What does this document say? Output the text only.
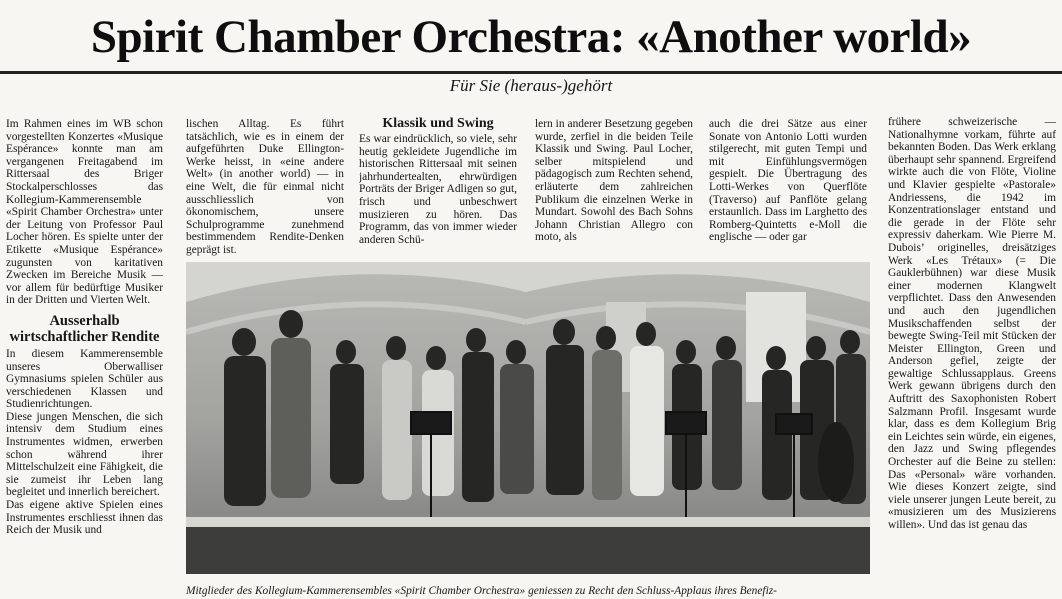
Spirit Chamber Orchestra: «Another world»
Für Sie (heraus-)gehört

Im Rahmen eines im WB schon vorgestellten Konzertes «Musique Espérance» konnte man am vergangenen Freitagabend im Rittersaal des Briger Stockalperschlosses das Kollegium-Kammerensemble «Spirit Chamber Orchestra» unter der Leitung von Professor Paul Locher hören. Es spielte unter der Etikette «Musique Espérance» zugunsten von karitativen Zwecken im Bereiche Musik — vor allem für bedürftige Musiker in der Dritten und Vierten Welt.

Ausserhalb wirtschaftlicher Rendite

In diesem Kammerensemble unseres Oberwalliser Gymnasiums spielen Schüler aus verschiedenen Klassen und Studienrichtungen.

Diese jungen Menschen, die sich intensiv dem Studium eines Instrumentes widmen, erwerben schon während ihrer Mittelschulzeit eine Fähigkeit, die sie zumeist ihr Leben lang begleitet und innerlich bereichert.

Das eigene aktive Spielen eines Instrumentes erschliesst ihnen das Reich der Musik und

lischen Alltag. Es führt tatsächlich, wie es in einem der aufgeführten Duke Ellington-Werke heisst, in «eine andere Welt» (in another world) — in eine Welt, die für einmal nicht ausschliesslich von ökonomischem, unsere Schulprogramme zunehmend bestimmendem Rendite-Denken geprägt ist.

Klassik und Swing

Es war eindrücklich, so viele, sehr heutig gekleidete Jugendliche im historischen Rittersaal mit seinen jahrhundertealten, ehrwürdigen Porträts der Briger Adligen so gut, frisch und unbeschwert musizieren zu hören. Das Programm, das von immer wieder anderen Schü-

lern in anderer Besetzung gegeben wurde, zerfiel in die beiden Teile Klassik und Swing. Paul Locher, selber mitspielend und pädagogisch zum Rechten sehend, erläuterte dem zahlreichen Publikum die einzelnen Werke in Mundart. Sowohl des Bach Sohns Johann Christian Allegro con moto, als

auch die drei Sätze aus einer Sonate von Antonio Lotti wurden stilgerecht, mit guten Tempi und mit Einfühlungsvermögen gespielt. Die Übertragung des Lotti-Werkes von Querflöte (Traverso) auf Panflöte gelang erstaunlich. Dass im Larghetto des Romberg-Quintetts e-Moll die englische — oder gar

frühere schweizerische — Nationalhymne vorkam, führte auf bekannten Boden. Das Werk erklang überhaupt sehr spannend. Ergreifend wirkte auch die von Flöte, Violine und Klavier gespielte «Pastorale» Andriessens, die 1942 im Konzentrationslager entstand und die gerade in der Flöte sehr expressiv daherkam. Wie Pierre M. Dubois’ originelles, dreisätziges Werk «Les Trétaux» (= Die Gauklerbühnen) war diese Musik einer modernen Klangwelt verpflichtet. Dass den Anwesenden und auch den jugendlichen Musikschaffenden selbst der bewegte Swing-Teil mit Stücken der Meister Ellington, Green und Anderson gefiel, zeigte der gewaltige Schlussapplaus. Greens Werk gewann übrigens durch den Auftritt des Saxophonisten Robert Salzmann Profil. Insgesamt wurde klar, dass es dem Kollegium Brig ein Leichtes sein würde, ein eigenes, den Jazz und Swing pflegendes Orchester auf die Beine zu stellen: Das «Personal» wäre vorhanden. Wie dieses Konzert zeigte, sind viele unserer jungen Leute bereit, zu «musizieren um des Musizierens willen». Und das ist genau das

Mitglieder des Kollegium-Kammerensembles «Spirit Chamber Orchestra» geniessen zu Recht den Schluss-Applaus ihres Benefiz-
